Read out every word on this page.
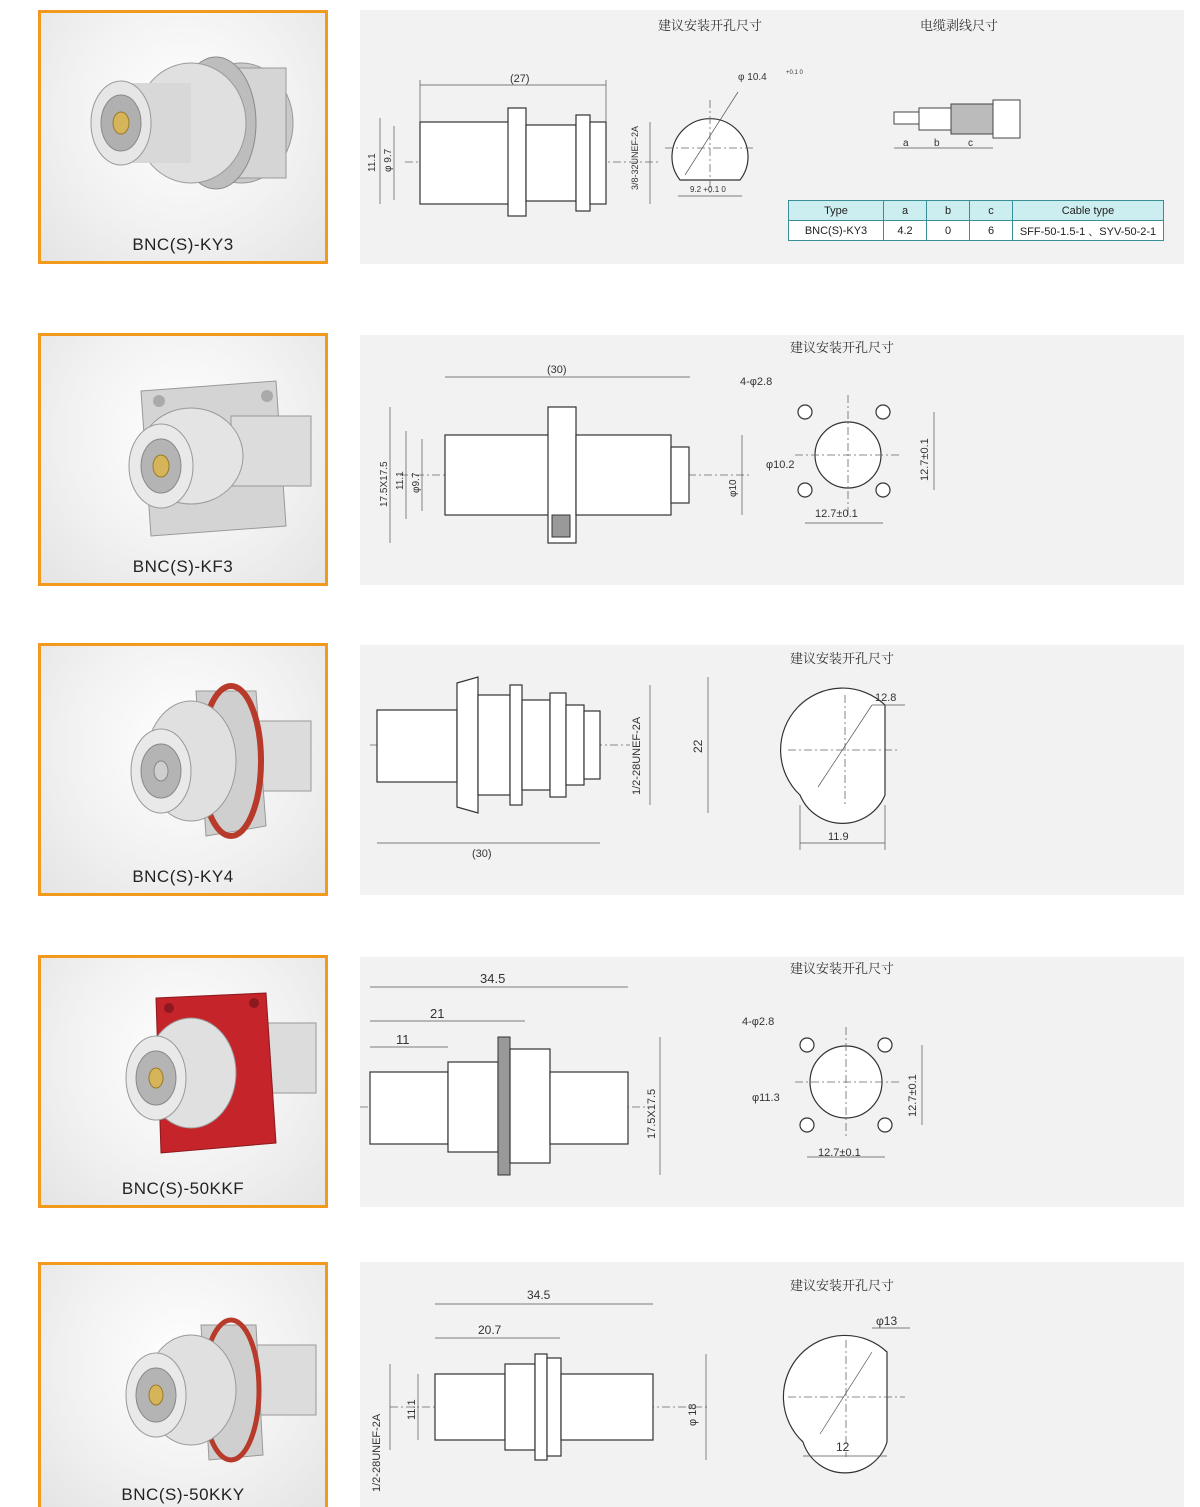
BNC(S)-KY3
建议安装开孔尺寸	电缆剥线尺寸
(27)
11.1 φ 9.7	3/8-32UNEF-2A
φ 10.4	+0.1 0
9.2 +0.1 0
a	b	c
Type	a	b	c	Cable type
BNC(S)-KY3	4.2	0	6	SFF-50-1.5-1 、SYV-50-2-1
BNC(S)-KF3
建议安装开孔尺寸
(30)
17.5X17.5 11.1 φ9.7	φ10
4-φ2.8
φ10.2	12.7±0.1
12.7±0.1
BNC(S)-KY4
建议安装开孔尺寸
(30)
1/2-28UNEF-2A	22
12.8
11.9
BNC(S)-50KKF
建议安装开孔尺寸
34.5
21
11
17.5X17.5
4-φ2.8
φ11.3	12.7±0.1
12.7±0.1
BNC(S)-50KKY
建议安装开孔尺寸
34.5
20.7
1/2-28UNEF-2A
11.1	φ 18
φ13
12
